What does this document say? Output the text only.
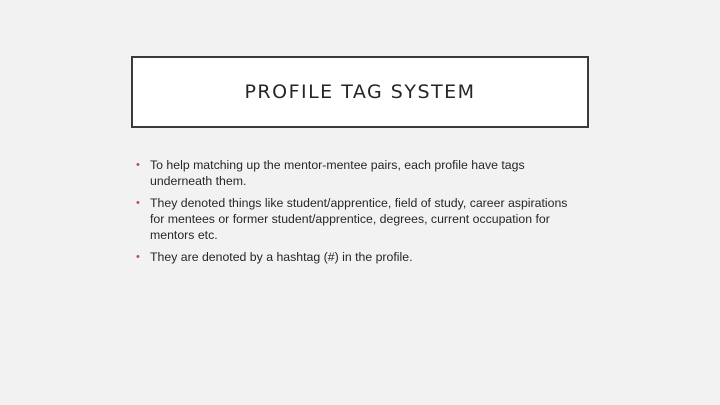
PROFILE TAG SYSTEM
• To help matching up the mentor-mentee pairs, each profile have tags underneath them.
• They denoted things like student/apprentice, field of study, career aspirations for mentees or former student/apprentice, degrees, current occupation for mentors etc.
• They are denoted by a hashtag (#) in the profile.
